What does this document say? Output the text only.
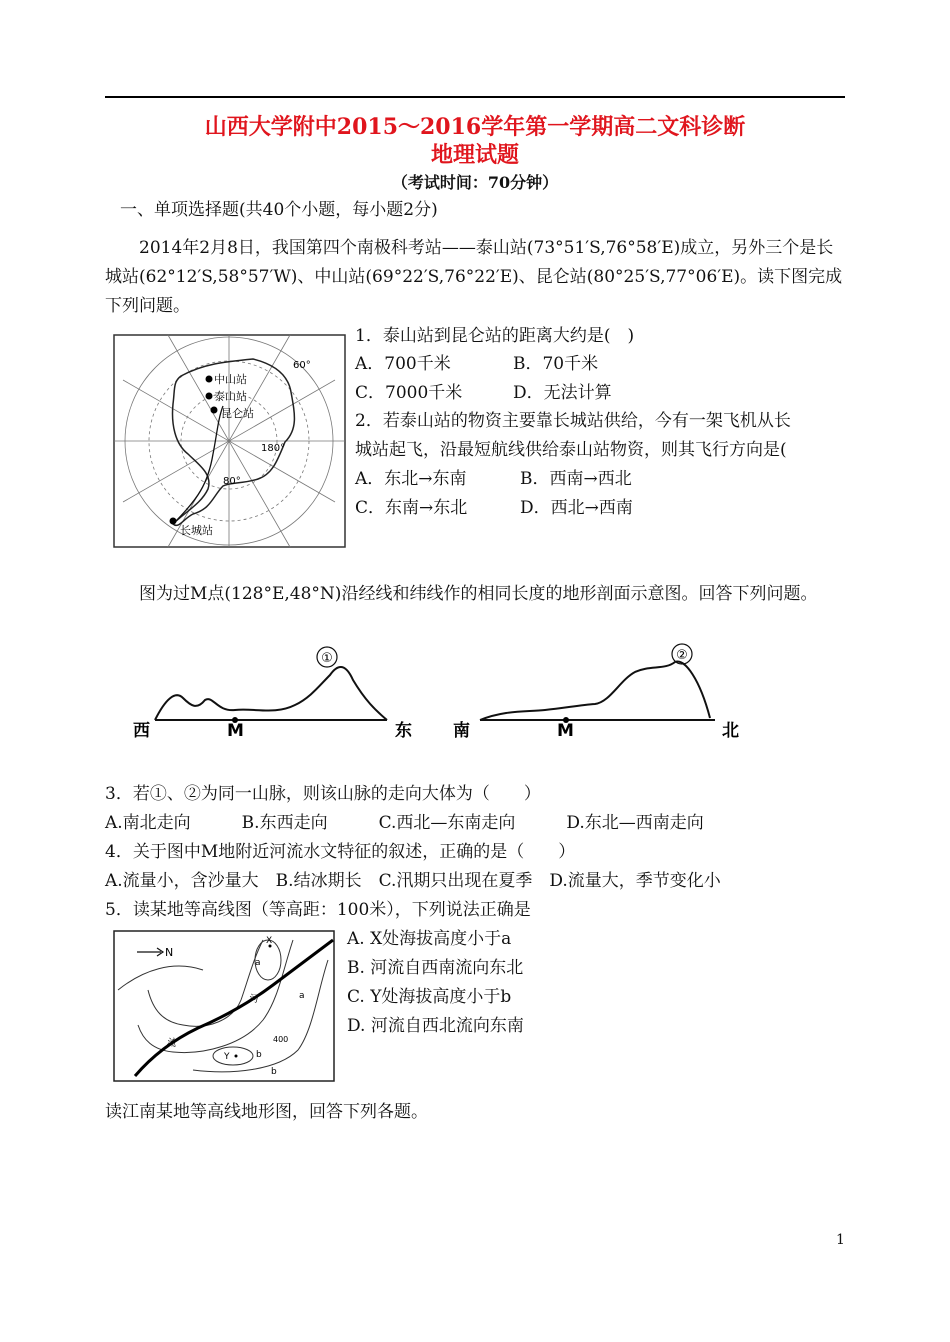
山西大学附中2015～2016学年第一学期高二文科诊断
地理试题
（考试时间：70分钟）
一、单项选择题(共40个小题，每小题2分)
2014年2月8日，我国第四个南极科考站——泰山站(73°51′S,76°58′E)成立，另外三个是长城站(62°12′S,58°57′W)、中山站(69°22′S,76°22′E)、昆仑站(80°25′S,77°06′E)。读下图完成下列问题。
中山站
泰山站
昆仑站
长城站
60°
80°
180°
1．泰山站到昆仑站的距离大约是(　)
A．700千米	B．70千米
C．7000千米	D．无法计算
2．若泰山站的物资主要靠长城站供给，今有一架飞机从长
城站起飞，沿最短航线供给泰山站物资，则其飞行方向是(
A．东北→东南	B．西南→西北
C．东南→东北	D．西北→西南
图为过M点(128°E,48°N)沿经线和纬线作的相同长度的地形剖面示意图。回答下列问题。
①
西	M	东
②
南	M	北
3．若①、②为同一山脉，则该山脉的走向大体为（　　）
A.南北走向　　　B.东西走向　　　C.西北—东南走向　　　D.东北—西南走向
4．关于图中M地附近河流水文特征的叙述，正确的是（　　）
A.流量小，含沙量大　B.结冰期长　C.汛期只出现在夏季　D.流量大，季节变化小
5．读某地等高线图（等高距：100米），下列说法正确是
N
X
Y
a
a
b
b
400
河
流
A. X处海拔高度小于a
B. 河流自西南流向东北
C. Y处海拔高度小于b
D. 河流自西北流向东南
读江南某地等高线地形图，回答下列各题。
1
